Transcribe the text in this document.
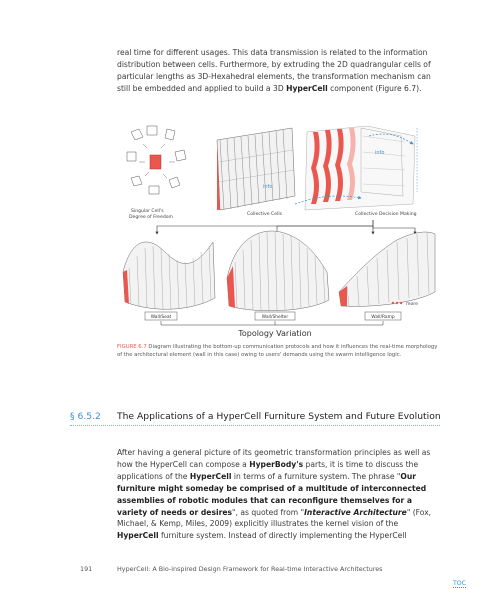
real time for different usages. This data transmission is related to the information distribution between cells. Furthermore, by extruding the 2D quadrangular cells of particular lengths as 3D-Hexahedral elements, the transformation mechanism can still be embedded and applied to build a 3D HyperCell component (Figure 6.7).

info
info
Singular Cell's
Degree of Freedom
Collective Cells	Collective Decision Making
more
Wall/Seat	Wall/Shelter	Wall/Ramp
Topology Variation

FIGURE 6.7 Diagram illustrating the bottom-up communication protocols and how it influences the real-time morphology of the architectural element (wall in this case) owing to users' demands using the swarm intelligence logic.

§ 6.5.2 The Applications of a HyperCell Furniture System and Future Evolution

After having a general picture of its geometric transformation principles as well as how the HyperCell can compose a HyperBody's parts, it is time to discuss the applications of the HyperCell in terms of a furniture system. The phrase "Our furniture might someday be comprised of a multitude of interconnected assemblies of robotic modules that can reconfigure themselves for a variety of needs or desires", as quoted from "Interactive Architecture" (Fox, Michael, & Kemp, Miles, 2009) explicitly illustrates the kernel vision of the HyperCell furniture system. Instead of directly implementing the HyperCell

191	HyperCell: A Bio-inspired Design Framework for Real-time Interactive Architectures
TOC
